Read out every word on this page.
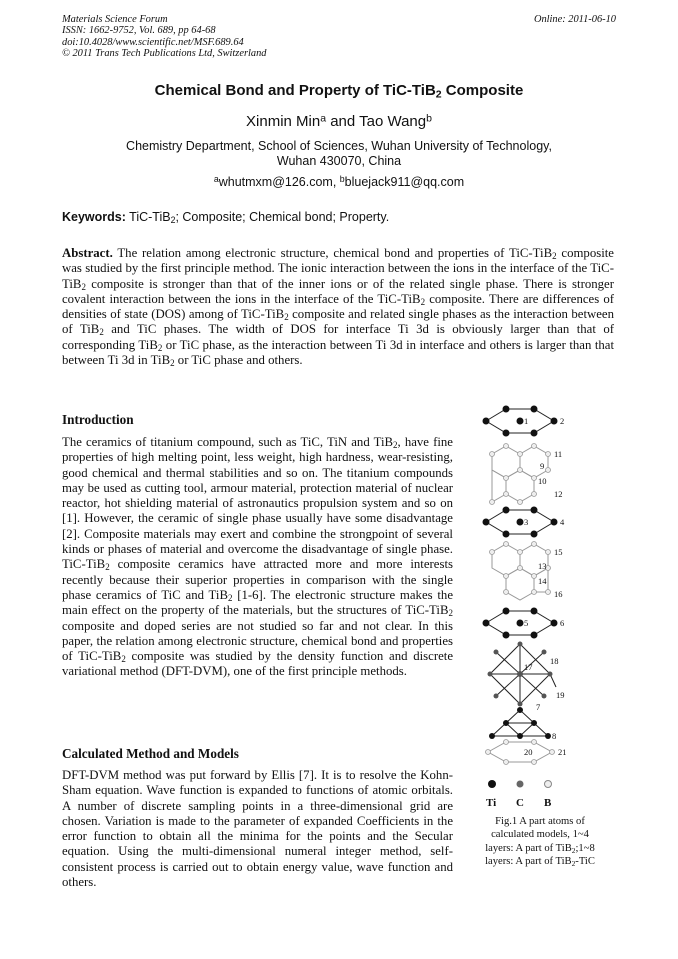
Materials Science Forum
ISSN: 1662-9752, Vol. 689, pp 64-68
doi:10.4028/www.scientific.net/MSF.689.64
© 2011 Trans Tech Publications Ltd, Switzerland
Online: 2011-06-10
Chemical Bond and Property of TiC-TiB$_2$ Composite
Xinmin Min$^a$ and Tao Wang$^b$
Chemistry Department, School of Sciences, Wuhan University of Technology,
Wuhan 430070, China
$^a$whutmxm@126.com, $^b$bluejack911@qq.com
Keywords: TiC-TiB$_2$; Composite; Chemical bond; Property.
Abstract. The relation among electronic structure, chemical bond and properties of TiC-TiB$_2$ composite was studied by the first principle method. The ionic interaction between the ions in the interface of the TiC-TiB$_2$ composite is stronger than that of the inner ions or of the related single phase. There is stronger covalent interaction between the ions in the interface of the TiC-TiB$_2$ composite. There are differences of densities of state (DOS) among of TiC-TiB$_2$ composite and related single phases as the interaction between of TiB$_2$ and TiC phases. The width of DOS for interface Ti 3d is obviously larger than that of corresponding TiB$_2$ or TiC phase, as the interaction between Ti 3d in interface and others is larger than that between Ti 3d in TiB$_2$ or TiC phase and others.
Introduction
The ceramics of titanium compound, such as TiC, TiN and TiB$_2$, have fine properties of high melting point, less weight, high hardness, wear-resisting, good chemical and thermal stabilities and so on. The titanium compounds may be used as cutting tool, armour material, protection material of nuclear reactor, hot shielding material of astronautics propulsion system and so on [1]. However, the ceramic of single phase usually have some disadvantage [2]. Composite materials may exert and combine the strongpoint of several kinds or phases of material and overcome the disadvantage of single phase. TiC-TiB$_2$ composite ceramics have attracted more and more interests recently because their superior properties in comparison with the single phase ceramics of TiC and TiB$_2$ [1-6]. The electronic structure makes the main effect on the property of the materials, but the structures of TiC-TiB$_2$ composite and doped series are not studied so far and not clear. In this paper, the relation among electronic structure, chemical bond and properties of TiC-TiB$_2$ composite was studied by the density function and discrete variational method (DFT-DVM), one of the first principle methods.
Calculated Method and Models
DFT-DVM method was put forward by Ellis [7]. It is to resolve the Kohn-Sham equation. Wave function is expanded to functions of atomic orbitals. A number of discrete sampling points in a three-dimensional grid are chosen. Variation is made to the parameter of expanded Coefficients in the error function to obtain all the minima for the points and the Secular equation. Using the multi-dimensional numeral integer method, self-consistent process is carried out to obtain energy value, wave function and others.
1	2
3	4
5	6
7
8
9
10
11
12
13
14
15
16
17
18
19
20	21
Ti C B
Fig.1 A part atoms of
calculated models, 1~4
layers: A part of TiB$_2$;1~8
layers: A part of TiB$_2$-TiC
